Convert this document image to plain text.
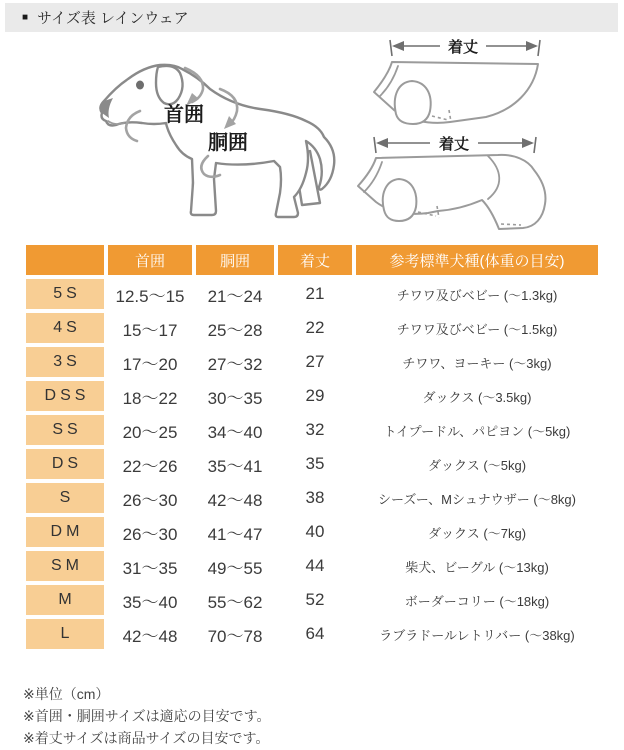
■ サイズ表 レインウェア
首囲
胴囲
着丈
着丈
	首囲	胴囲	着丈	参考標準犬種(体重の目安)
5S	12.5～15	21～24	21	チワワ及びベビー (～1.3kg)
4S	15～17	25～28	22	チワワ及びベビー (～1.5kg)
3S	17～20	27～32	27	チワワ、ヨーキー (～3kg)
DSS	18～22	30～35	29	ダックス (～3.5kg)
SS	20～25	34～40	32	トイプードル、パピヨン (～5kg)
DS	22～26	35～41	35	ダックス (～5kg)
S	26～30	42～48	38	シーズー、Mシュナウザー (～8kg)
DM	26～30	41～47	40	ダックス (～7kg)
SM	31～35	49～55	44	柴犬、ビーグル (～13kg)
M	35～40	55～62	52	ボーダーコリー (～18kg)
L	42～48	70～78	64	ラブラドールレトリバー (～38kg)
※単位（cm）
※首囲・胴囲サイズは適応の目安です。
※着丈サイズは商品サイズの目安です。
